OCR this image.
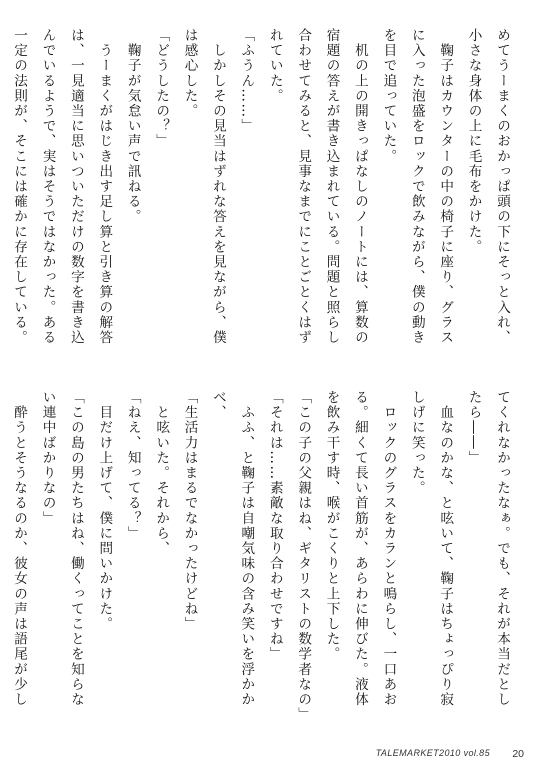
めてうーまくのおかっぱ頭の下にそっと入れ、

小さな身体の上に毛布をかけた。

　鞠子はカウンターの中の椅子に座り、グラス

に入った泡盛をロックで飲みながら、僕の動き

を目で追っていた。

　机の上の開きっぱなしのノートには、算数の

宿題の答えが書き込まれている。問題と照らし

合わせてみると、見事なまでにことごとくはず

れていた。

「ふうん……」

　しかしその見当はずれな答えを見ながら、僕

は感心した。

「どうしたの？」

　鞠子が気怠い声で訊ねる。

　うーまくがはじき出す足し算と引き算の解答

は、一見適当に思いついただけの数字を書き込

んでいるようで、実はそうではなかった。ある

一定の法則が、そこには確かに存在している。

てくれなかったなぁ。でも、それが本当だとし

たら――」

　血なのかな、と呟いて、鞠子はちょっぴり寂

しげに笑った。

　ロックのグラスをカランと鳴らし、一口あお

る。細くて長い首筋が、あらわに伸びた。液体

を飲み干す時、喉がこくりと上下した。

「この子の父親はね、ギタリストの数学者なの」

「それは……素敵な取り合わせですね」

　ふふ、と鞠子は自嘲気味の含み笑いを浮かか

べ、

「生活力はまるでなかったけどね」

　と呟いた。それから、

「ねえ、知ってる？」

　目だけ上げて、僕に問いかけた。

「この島の男たちはね、働くってことを知らな

い連中ばかりなの」

　酔うとそうなるのか、彼女の声は語尾が少し

TALEMARKET2010 vol.85 20
